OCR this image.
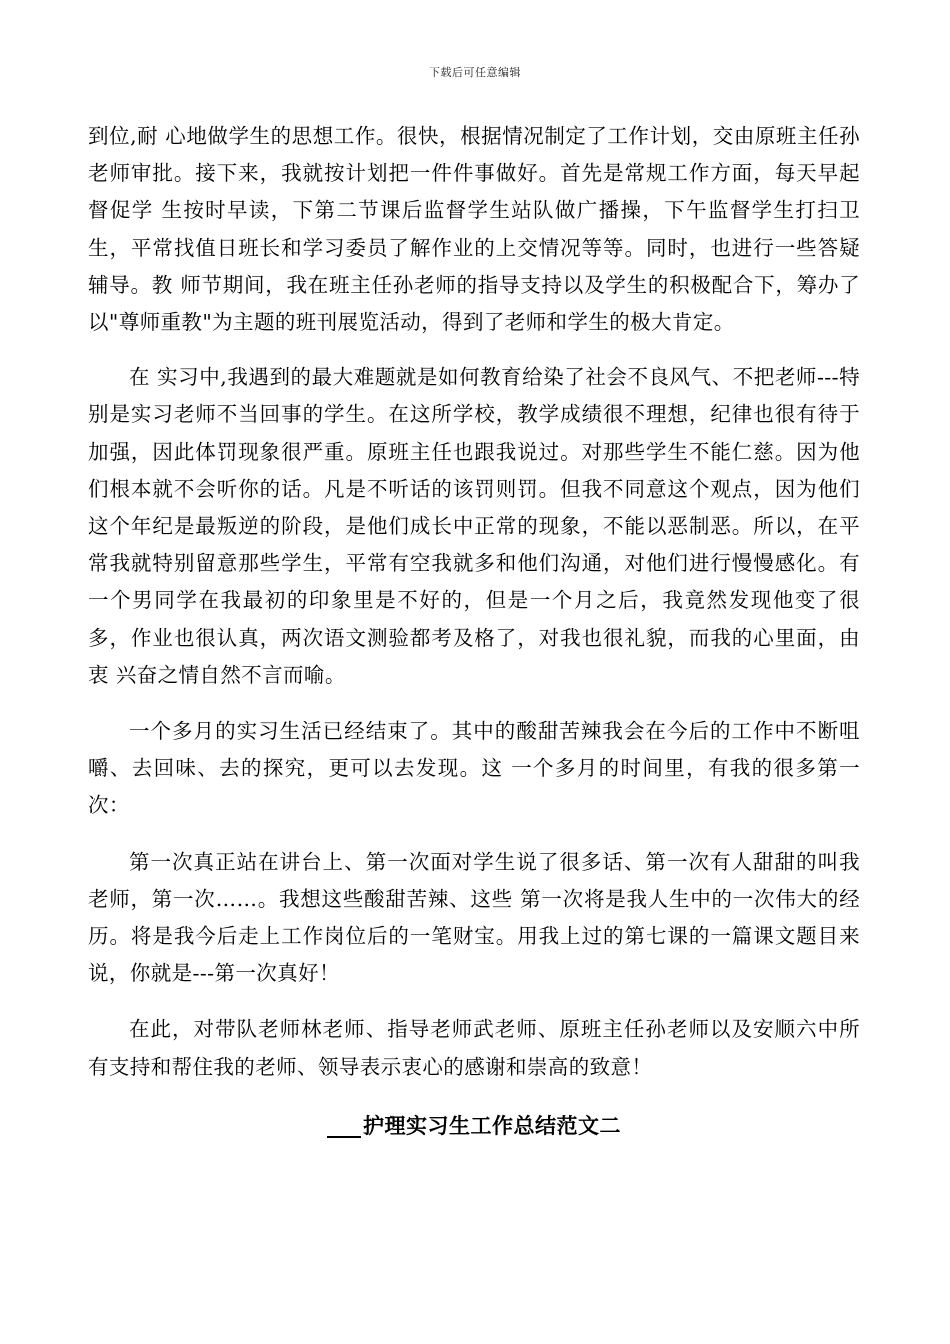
下载后可任意编辑

到位,耐 心地做学生的思想工作。很快，根据情况制定了工作计划，交由原班主任孙老师审批。接下来，我就按计划把一件件事做好。首先是常规工作方面，每天早起督促学 生按时早读，下第二节课后监督学生站队做广播操，下午监督学生打扫卫生，平常找值日班长和学习委员了解作业的上交情况等等。同时，也进行一些答疑辅导。教 师节期间，我在班主任孙老师的指导支持以及学生的积极配合下，筹办了以"尊师重教"为主题的班刊展览活动，得到了老师和学生的极大肯定。

在 实习中,我遇到的最大难题就是如何教育给染了社会不良风气、不把老师---特别是实习老师不当回事的学生。在这所学校，教学成绩很不理想，纪律也很有待于 加强，因此体罚现象很严重。原班主任也跟我说过。对那些学生不能仁慈。因为他们根本就不会听你的话。凡是不听话的该罚则罚。但我不同意这个观点，因为他们 这个年纪是最叛逆的阶段，是他们成长中正常的现象，不能以恶制恶。所以，在平常我就特别留意那些学生，平常有空我就多和他们沟通，对他们进行慢慢感化。有 一个男同学在我最初的印象里是不好的，但是一个月之后，我竟然发现他变了很多，作业也很认真，两次语文测验都考及格了，对我也很礼貌，而我的心里面，由衷 兴奋之情自然不言而喻。

一个多月的实习生活已经结束了。其中的酸甜苦辣我会在今后的工作中不断咀嚼、去回味、去的探究，更可以去发现。这 一个多月的时间里，有我的很多第一次：

第一次真正站在讲台上、第一次面对学生说了很多话、第一次有人甜甜的叫我老师，第一次……。我想这些酸甜苦辣、这些 第一次将是我人生中的一次伟大的经历。将是我今后走上工作岗位后的一笔财宝。用我上过的第七课的一篇课文题目来说，你就是---第一次真好！

在此，对带队老师林老师、指导老师武老师、原班主任孙老师以及安顺六中所有支持和帮住我的老师、领导表示衷心的感谢和崇高的致意！

护理实习生工作总结范文二
